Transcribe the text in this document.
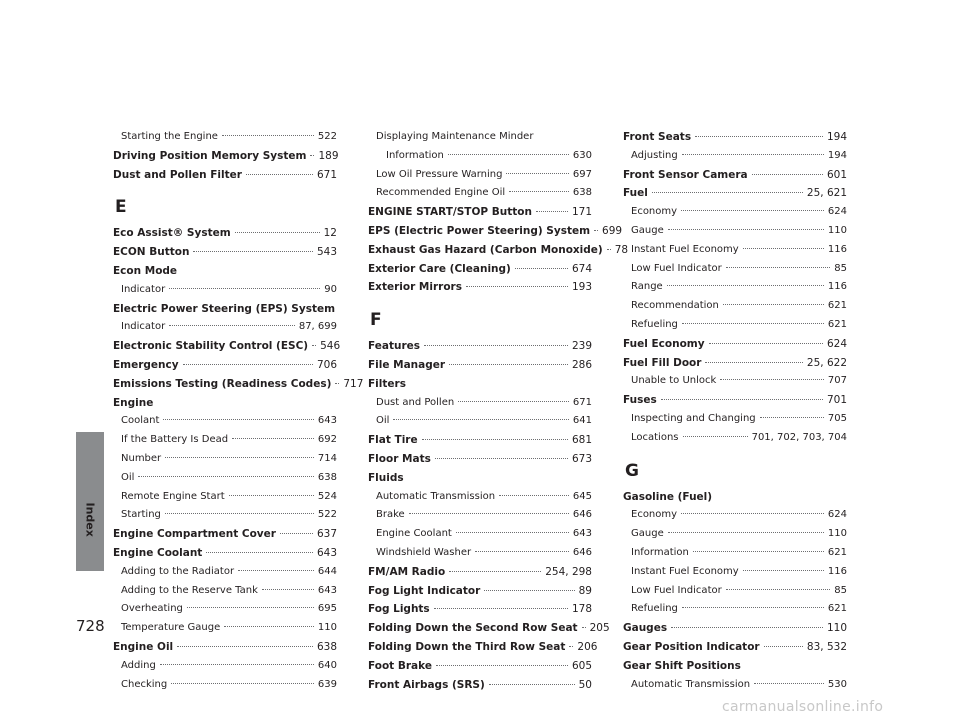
Index
728
Starting the Engine	522
Driving Position Memory System 189
Dust and Pollen Filter	671
E
Eco Assist® System	12
ECON Button	543
Econ Mode
Indicator	90
Electric Power Steering (EPS) System
Indicator	87, 699
Electronic Stability Control (ESC) 546
Emergency	706
Emissions Testing (Readiness Codes) 717
Engine
Coolant	643
If the Battery Is Dead	692
Number	714
Oil	638
Remote Engine Start	524
Starting	522
Engine Compartment Cover	637
Engine Coolant	643
Adding to the Radiator	644
Adding to the Reserve Tank	643
Overheating	695
Temperature Gauge	110
Engine Oil	638
Adding	640
Checking	639
Displaying Maintenance Minder
Information	630
Low Oil Pressure Warning	697
Recommended Engine Oil	638
ENGINE START/STOP Button	171
EPS (Electric Power Steering) System 699
Exhaust Gas Hazard (Carbon Monoxide) 78
Exterior Care (Cleaning)	674
Exterior Mirrors	193
F
Features	239
File Manager	286
Filters
Dust and Pollen	671
Oil	641
Flat Tire	681
Floor Mats	673
Fluids
Automatic Transmission	645
Brake	646
Engine Coolant	643
Windshield Washer	646
FM/AM Radio	254, 298
Fog Light Indicator	89
Fog Lights	178
Folding Down the Second Row Seat 205
Folding Down the Third Row Seat 206
Foot Brake	605
Front Airbags (SRS)	50
Front Seats	194
Adjusting	194
Front Sensor Camera	601
Fuel	25, 621
Economy	624
Gauge	110
Instant Fuel Economy	116
Low Fuel Indicator	85
Range	116
Recommendation	621
Refueling	621
Fuel Economy	624
Fuel Fill Door	25, 622
Unable to Unlock	707
Fuses	701
Inspecting and Changing	705
Locations	701, 702, 703, 704
G
Gasoline (Fuel)
Economy	624
Gauge	110
Information	621
Instant Fuel Economy	116
Low Fuel Indicator	85
Refueling	621
Gauges	110
Gear Position Indicator	83, 532
Gear Shift Positions
Automatic Transmission	530
carmanualsonline.info
